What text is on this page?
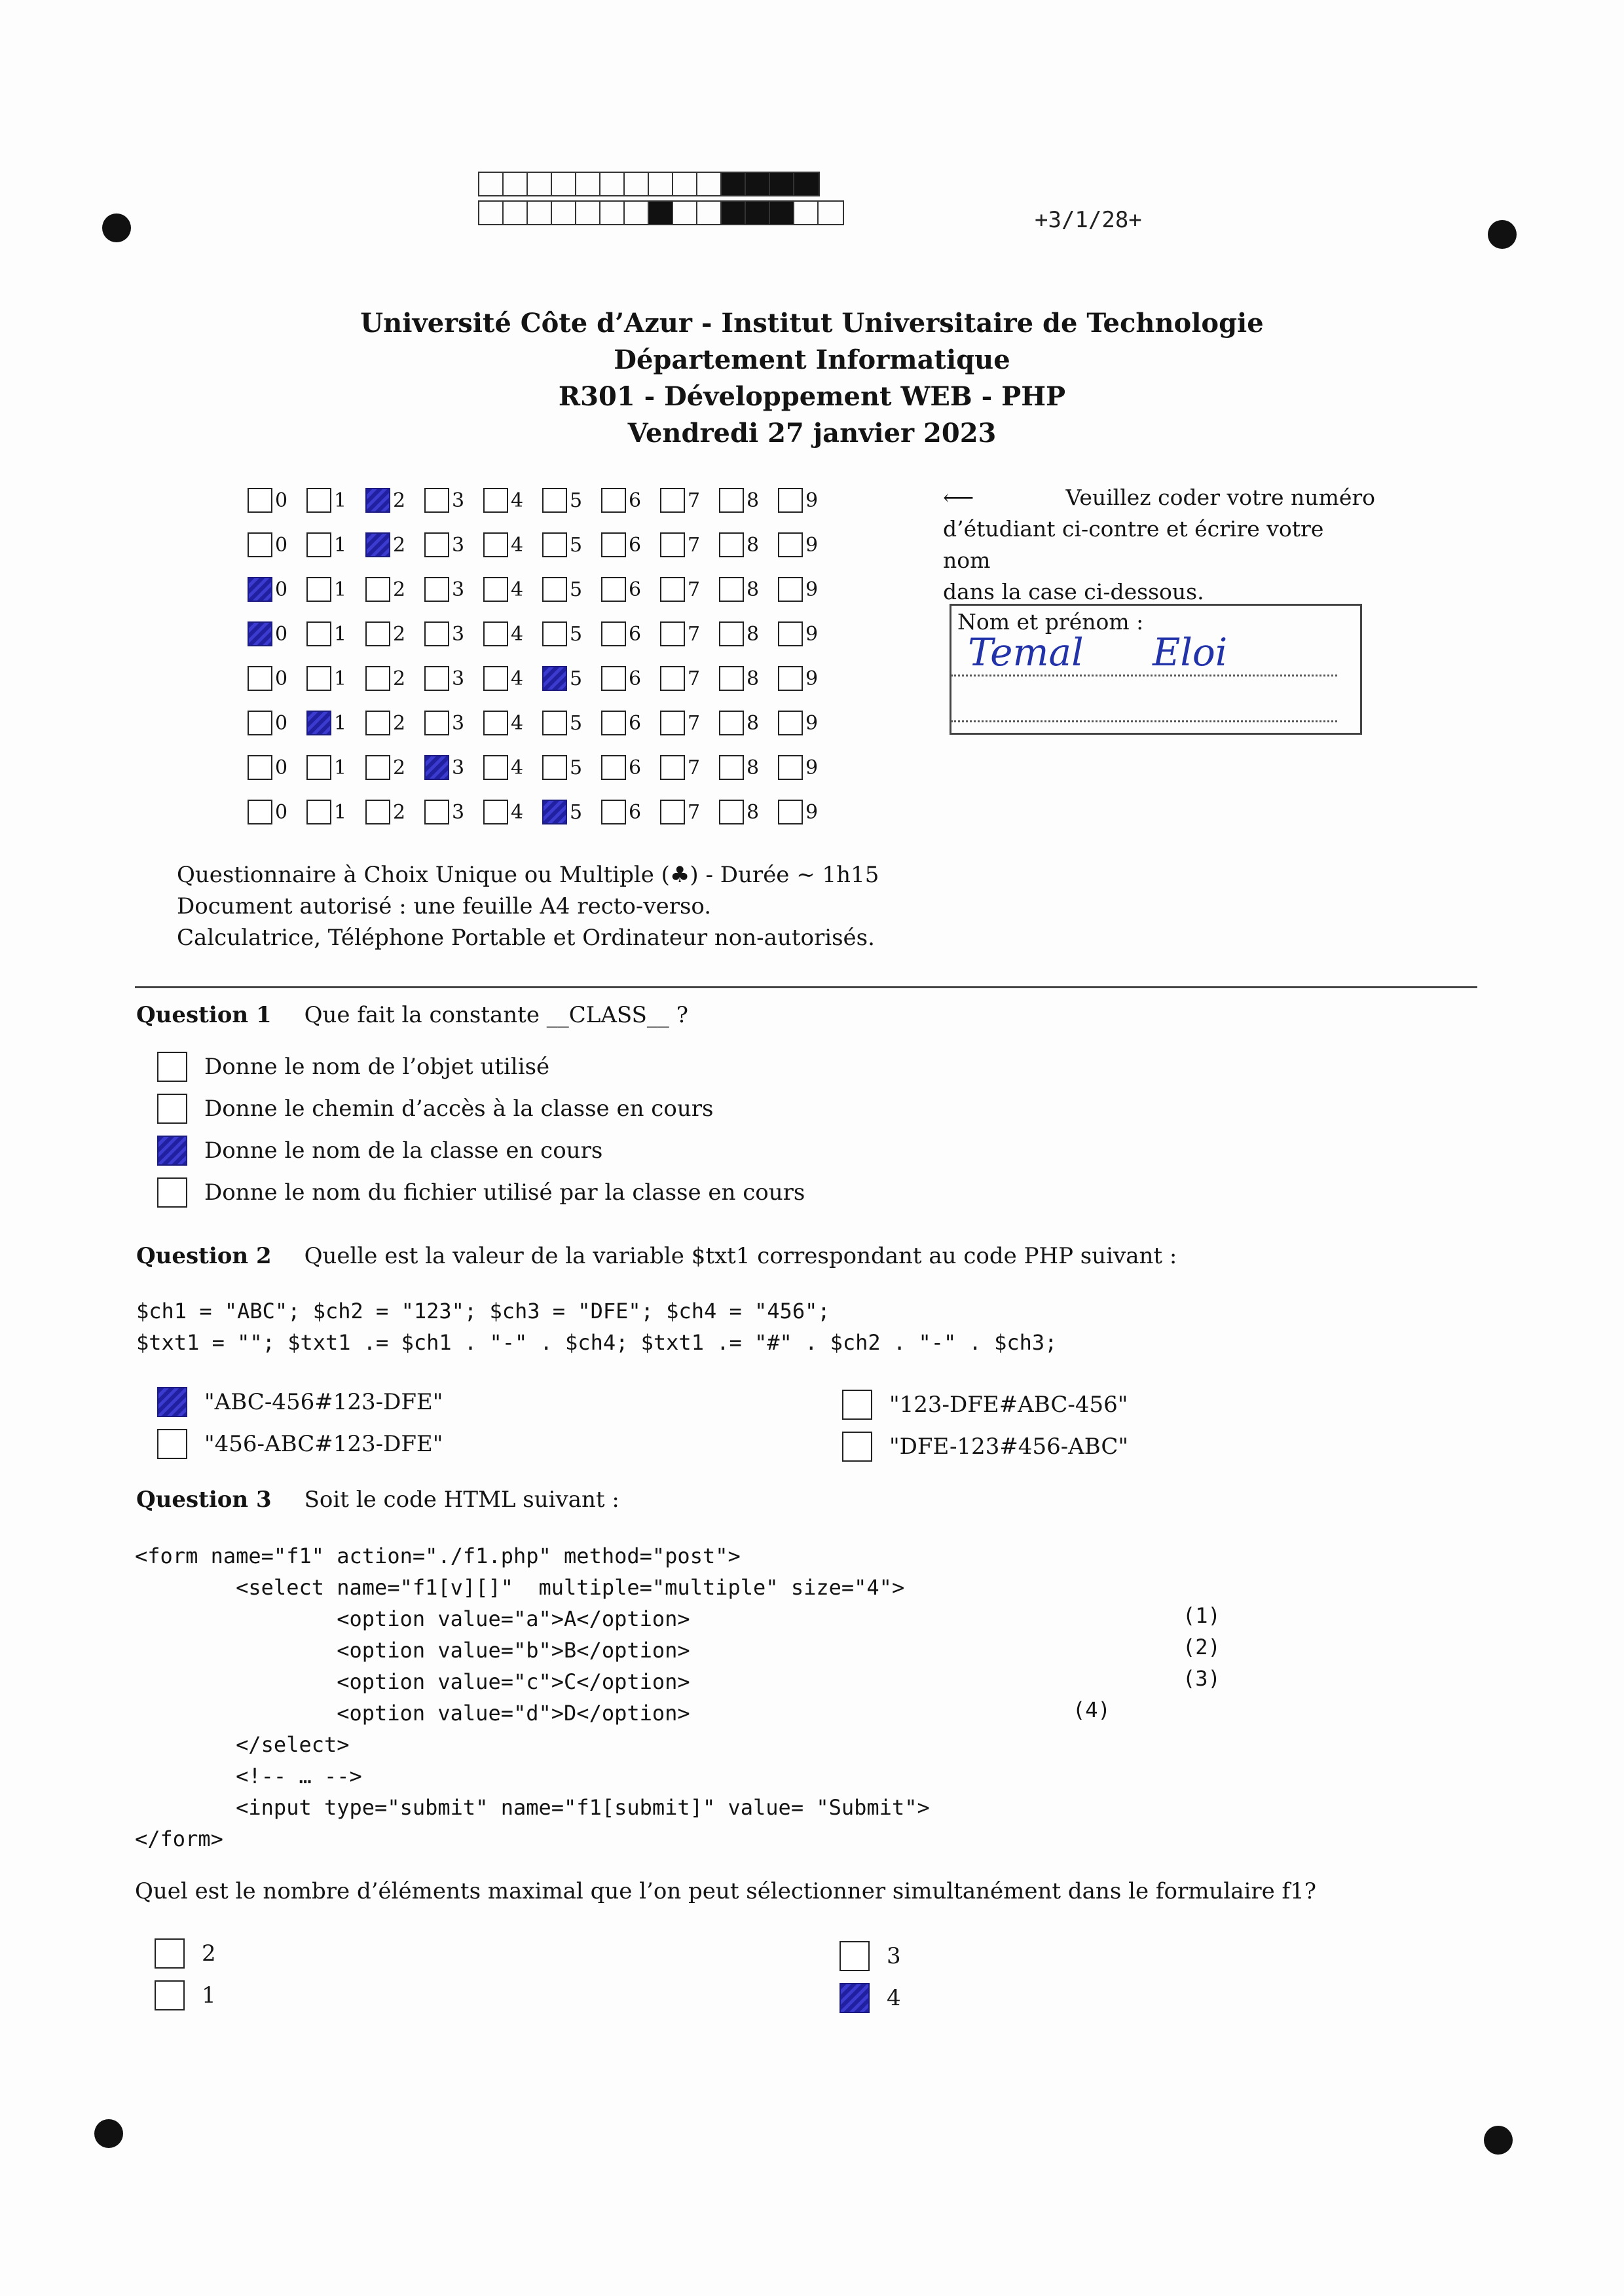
+3/1/28+
Université Côte d’Azur - Institut Universitaire de Technologie
Département Informatique
R301 - Développement WEB - PHP
Vendredi 27 janvier 2023
0 1 2 3 4 5 6 7 8 9
0 1 2 3 4 5 6 7 8 9
0 1 2 3 4 5 6 7 8 9
0 1 2 3 4 5 6 7 8 9
0 1 2 3 4 5 6 7 8 9
0 1 2 3 4 5 6 7 8 9
0 1 2 3 4 5 6 7 8 9
0 1 2 3 4 5 6 7 8 9
⟵	Veuillez coder votre numéro
d’étudiant ci-contre et écrire votre nom
dans la case ci-dessous.
Nom et prénom :
Temal Eloi
Questionnaire à Choix Unique ou Multiple (♣) - Durée ∼ 1h15
Document autorisé : une feuille A4 recto-verso.
Calculatrice, Téléphone Portable et Ordinateur non-autorisés.
Question 1 Que fait la constante __CLASS__ ?
Donne le nom de l’objet utilisé
Donne le chemin d’accès à la classe en cours
Donne le nom de la classe en cours
Donne le nom du fichier utilisé par la classe en cours
Question 2 Quelle est la valeur de la variable $txt1 correspondant au code PHP suivant :
$ch1 = "ABC"; $ch2 = "123"; $ch3 = "DFE"; $ch4 = "456";
$txt1 = ""; $txt1 .= $ch1 . "-" . $ch4; $txt1 .= "#" . $ch2 . "-" . $ch3;
"ABC-456#123-DFE"	"123-DFE#ABC-456"
"456-ABC#123-DFE"	"DFE-123#456-ABC"
Question 3 Soit le code HTML suivant :
<form name="f1" action="./f1.php" method="post">
<select name="f1[v][]"  multiple="multiple" size="4">
<option value="a">A</option>
<option value="b">B</option>
<option value="c">C</option>
<option value="d">D</option>
</select>
<!-- … -->
<input type="submit" name="f1[submit]" value= "Submit">
</form>
(1)
(2)
(3)
(4)
Quel est le nombre d’éléments maximal que l’on peut sélectionner simultanément dans le formulaire f1?
2	3
1	4
